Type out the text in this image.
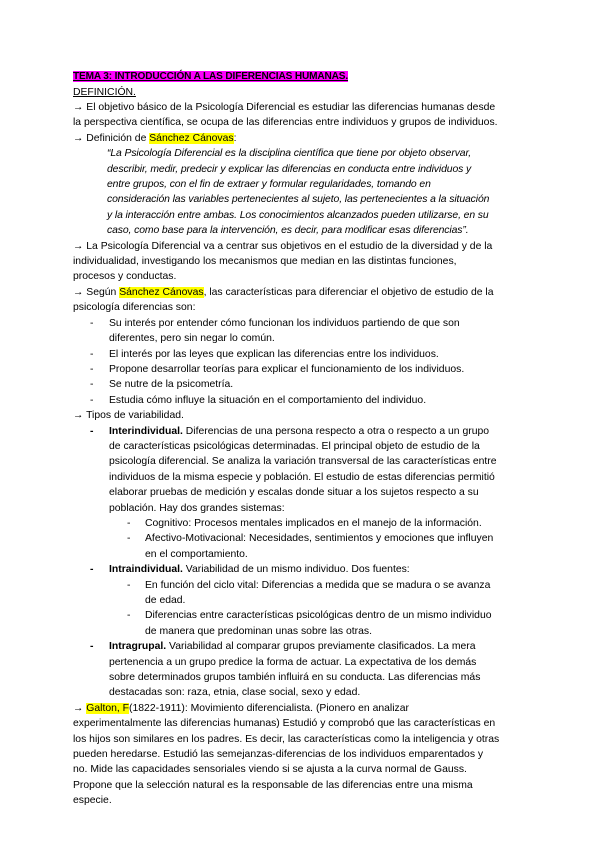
TEMA 3: INTRODUCCIÓN A LAS DIFERENCIAS HUMANAS.
DEFINICIÓN.
→ El objetivo básico de la Psicología Diferencial es estudiar las diferencias humanas desde
la perspectiva científica, se ocupa de las diferencias entre individuos y grupos de individuos.
→ Definición de Sánchez Cánovas:
“La Psicología Diferencial es la disciplina científica que tiene por objeto observar,
describir, medir, predecir y explicar las diferencias en conducta entre individuos y
entre grupos, con el fin de extraer y formular regularidades, tomando en
consideración las variables pertenecientes al sujeto, las pertenecientes a la situación
y la interacción entre ambas. Los conocimientos alcanzados pueden utilizarse, en su
caso, como base para la intervención, es decir, para modificar esas diferencias”.
→ La Psicología Diferencial va a centrar sus objetivos en el estudio de la diversidad y de la
individualidad, investigando los mecanismos que median en las distintas funciones,
procesos y conductas.
→ Según Sánchez Cánovas, las características para diferenciar el objetivo de estudio de la
psicología diferencias son:
- Su interés por entender cómo funcionan los individuos partiendo de que son
diferentes, pero sin negar lo común.
- El interés por las leyes que explican las diferencias entre los individuos.
- Propone desarrollar teorías para explicar el funcionamiento de los individuos.
- Se nutre de la psicometría.
- Estudia cómo influye la situación en el comportamiento del individuo.
→ Tipos de variabilidad.
- Interindividual. Diferencias de una persona respecto a otra o respecto a un grupo
de características psicológicas determinadas. El principal objeto de estudio de la
psicología diferencial. Se analiza la variación transversal de las características entre
individuos de la misma especie y población. El estudio de estas diferencias permitió
elaborar pruebas de medición y escalas donde situar a los sujetos respecto a su
población. Hay dos grandes sistemas:
- Cognitivo: Procesos mentales implicados en el manejo de la información.
- Afectivo-Motivacional: Necesidades, sentimientos y emociones que influyen
en el comportamiento.
- Intraindividual. Variabilidad de un mismo individuo. Dos fuentes:
- En función del ciclo vital: Diferencias a medida que se madura o se avanza
de edad.
- Diferencias entre características psicológicas dentro de un mismo individuo
de manera que predominan unas sobre las otras.
- Intragrupal. Variabilidad al comparar grupos previamente clasificados. La mera
pertenencia a un grupo predice la forma de actuar. La expectativa de los demás
sobre determinados grupos también influirá en su conducta. Las diferencias más
destacadas son: raza, etnia, clase social, sexo y edad.
→ Galton, F(1822-1911): Movimiento diferencialista. (Pionero en analizar
experimentalmente las diferencias humanas) Estudió y comprobó que las características en
los hijos son similares en los padres. Es decir, las características como la inteligencia y otras
pueden heredarse. Estudió las semejanzas-diferencias de los individuos emparentados y
no. Mide las capacidades sensoriales viendo si se ajusta a la curva normal de Gauss.
Propone que la selección natural es la responsable de las diferencias entre una misma
especie.
